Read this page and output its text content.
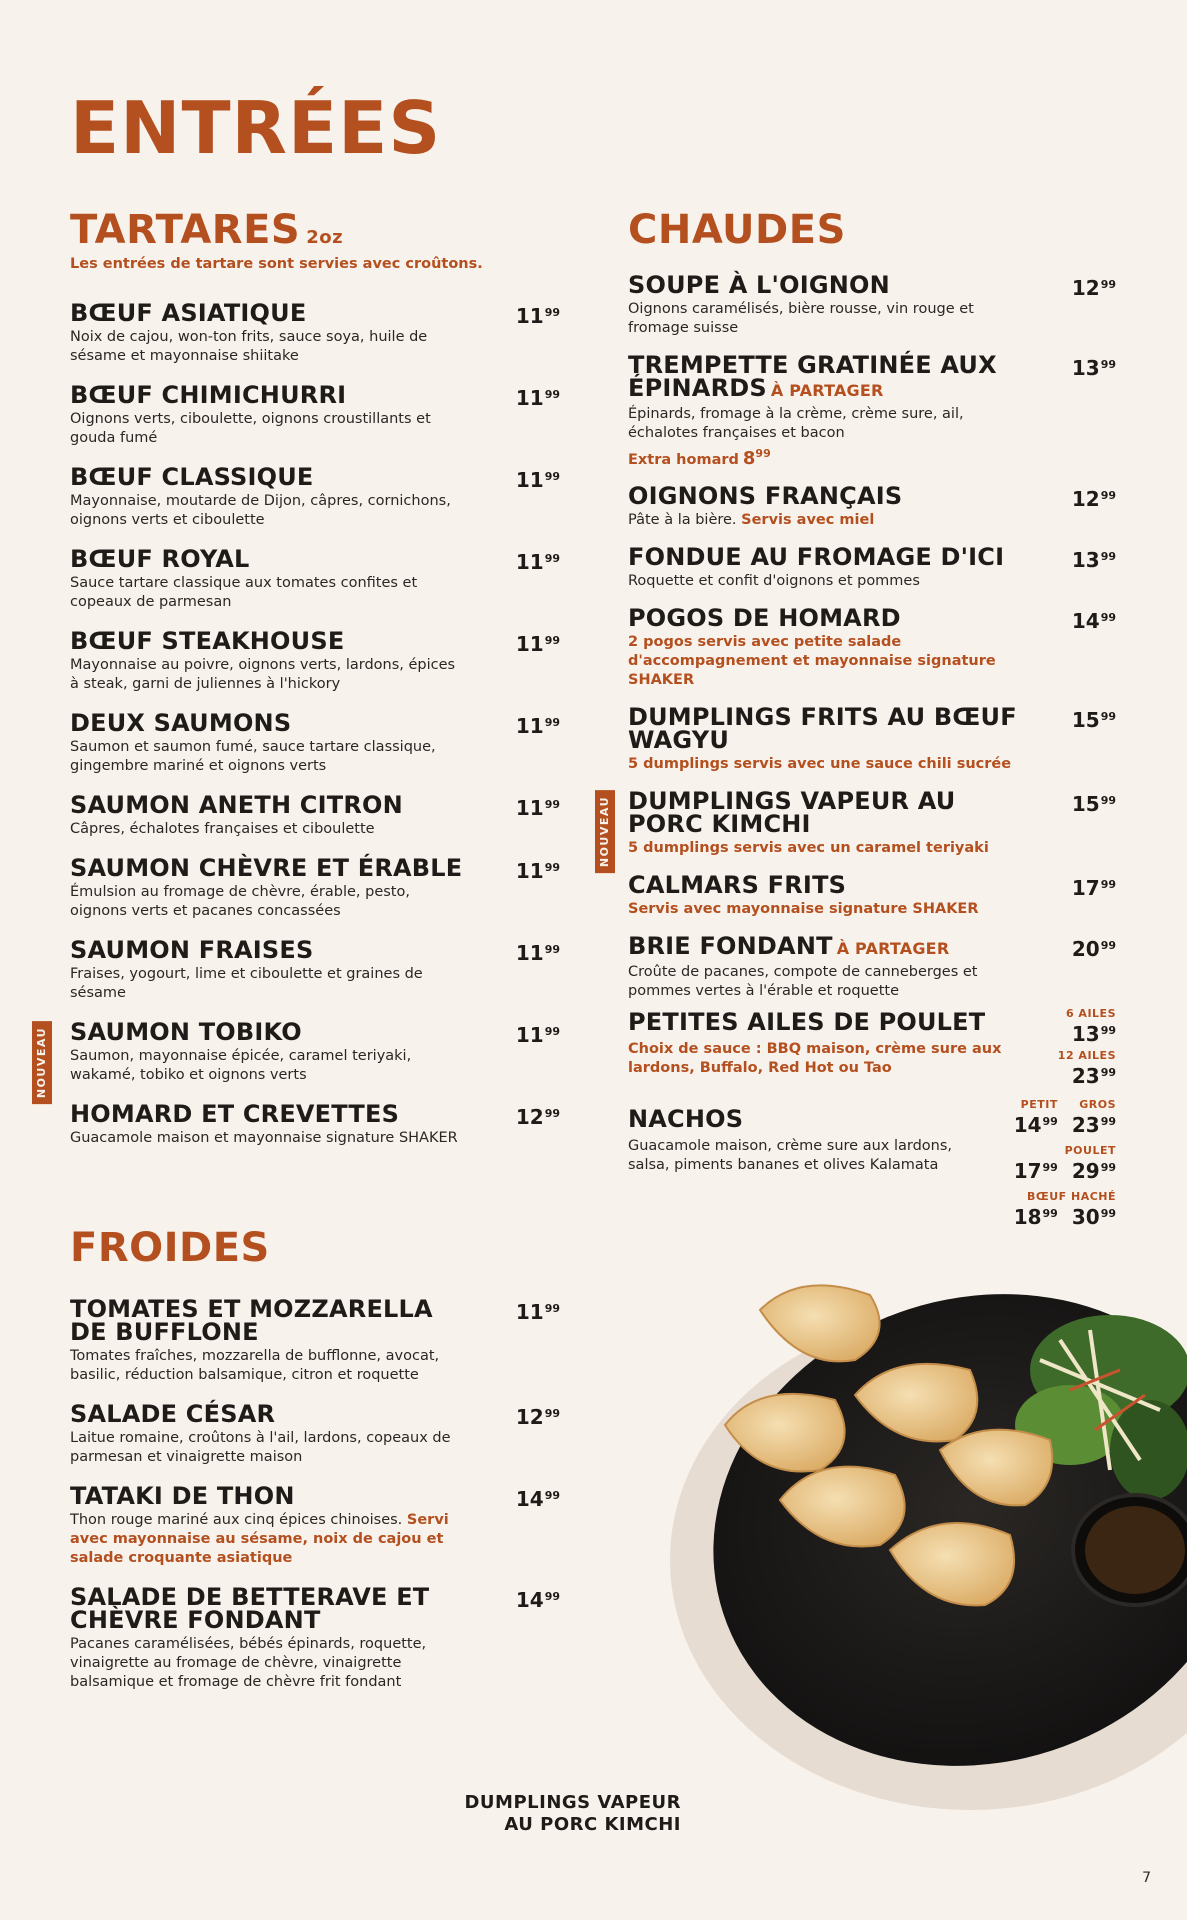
ENTRÉES
TARTARES 2oz
Les entrées de tartare sont servies avec croûtons.
BŒUF ASIATIQUE
Noix de cajou, won-ton frits, sauce soya, huile de sésame et mayonnaise shiitake
$11^{99}$
BŒUF CHIMICHURRI
Oignons verts, ciboulette, oignons croustillants et gouda fumé
$11^{99}$
BŒUF CLASSIQUE
Mayonnaise, moutarde de Dijon, câpres, cornichons, oignons verts et ciboulette
$11^{99}$
BŒUF ROYAL
Sauce tartare classique aux tomates confites et copeaux de parmesan
$11^{99}$
BŒUF STEAKHOUSE
Mayonnaise au poivre, oignons verts, lardons, épices à steak, garni de juliennes à l'hickory
$11^{99}$
DEUX SAUMONS
Saumon et saumon fumé, sauce tartare classique, gingembre mariné et oignons verts
$11^{99}$
SAUMON ANETH CITRON
Câpres, échalotes françaises et ciboulette
$11^{99}$
SAUMON CHÈVRE ET ÉRABLE
Émulsion au fromage de chèvre, érable, pesto, oignons verts et pacanes concassées
$11^{99}$
SAUMON FRAISES
Fraises, yogourt, lime et ciboulette et graines de sésame
$11^{99}$
SAUMON TOBIKO
Saumon, mayonnaise épicée, caramel teriyaki, wakamé, tobiko et oignons verts
$11^{99}$
NOUVEAU
HOMARD ET CREVETTES
Guacamole maison et mayonnaise signature SHAKER
$12^{99}$
CHAUDES
SOUPE À L'OIGNON
Oignons caramélisés, bière rousse, vin rouge et fromage suisse
$12^{99}$
TREMPETTE GRATINÉE AUX ÉPINARDS À PARTAGER
Épinards, fromage à la crème, crème sure, ail, échalotes françaises et bacon
Extra homard $8^{99}$
$13^{99}$
OIGNONS FRANÇAIS
Pâte à la bière. Servis avec miel
$12^{99}$
FONDUE AU FROMAGE D'ICI
Roquette et confit d'oignons et pommes
$13^{99}$
POGOS DE HOMARD
2 pogos servis avec petite salade d'accompagnement et mayonnaise signature SHAKER
$14^{99}$
DUMPLINGS FRITS AU BŒUF WAGYU
5 dumplings servis avec une sauce chili sucrée
$15^{99}$
DUMPLINGS VAPEUR AU PORC KIMCHI
5 dumplings servis avec un caramel teriyaki
$15^{99}$
NOUVEAU
CALMARS FRITS
Servis avec mayonnaise signature SHAKER
$17^{99}$
BRIE FONDANT À PARTAGER
Croûte de pacanes, compote de canneberges et pommes vertes à l'érable et roquette
$20^{99}$
PETITES AILES DE POULET
Choix de sauce : BBQ maison, crème sure aux lardons, Buffalo, Red Hot ou Tao
6 AILES
$13^{99}$
12 AILES
$23^{99}$
NACHOS
Guacamole maison, crème sure aux lardons, salsa, piments bananes et olives Kalamata
PETIT
$14^{99}$
GROS
$23^{99}$
POULET
$17^{99}$ $29^{99}$
BŒUF HACHÉ
$18^{99}$ $30^{99}$
FROIDES
TOMATES ET MOZZARELLA DE BUFFLONE
Tomates fraîches, mozzarella de bufflonne, avocat, basilic, réduction balsamique, citron et roquette
$11^{99}$
SALADE CÉSAR
Laitue romaine, croûtons à l'ail, lardons, copeaux de parmesan et vinaigrette maison
$12^{99}$
TATAKI DE THON
Thon rouge mariné aux cinq épices chinoises. Servi avec mayonnaise au sésame, noix de cajou et salade croquante asiatique
$14^{99}$
SALADE DE BETTERAVE ET CHÈVRE FONDANT
Pacanes caramélisées, bébés épinards, roquette, vinaigrette au fromage de chèvre, vinaigrette balsamique et fromage de chèvre frit fondant
$14^{99}$
DUMPLINGS VAPEUR
AU PORC KIMCHI
7
